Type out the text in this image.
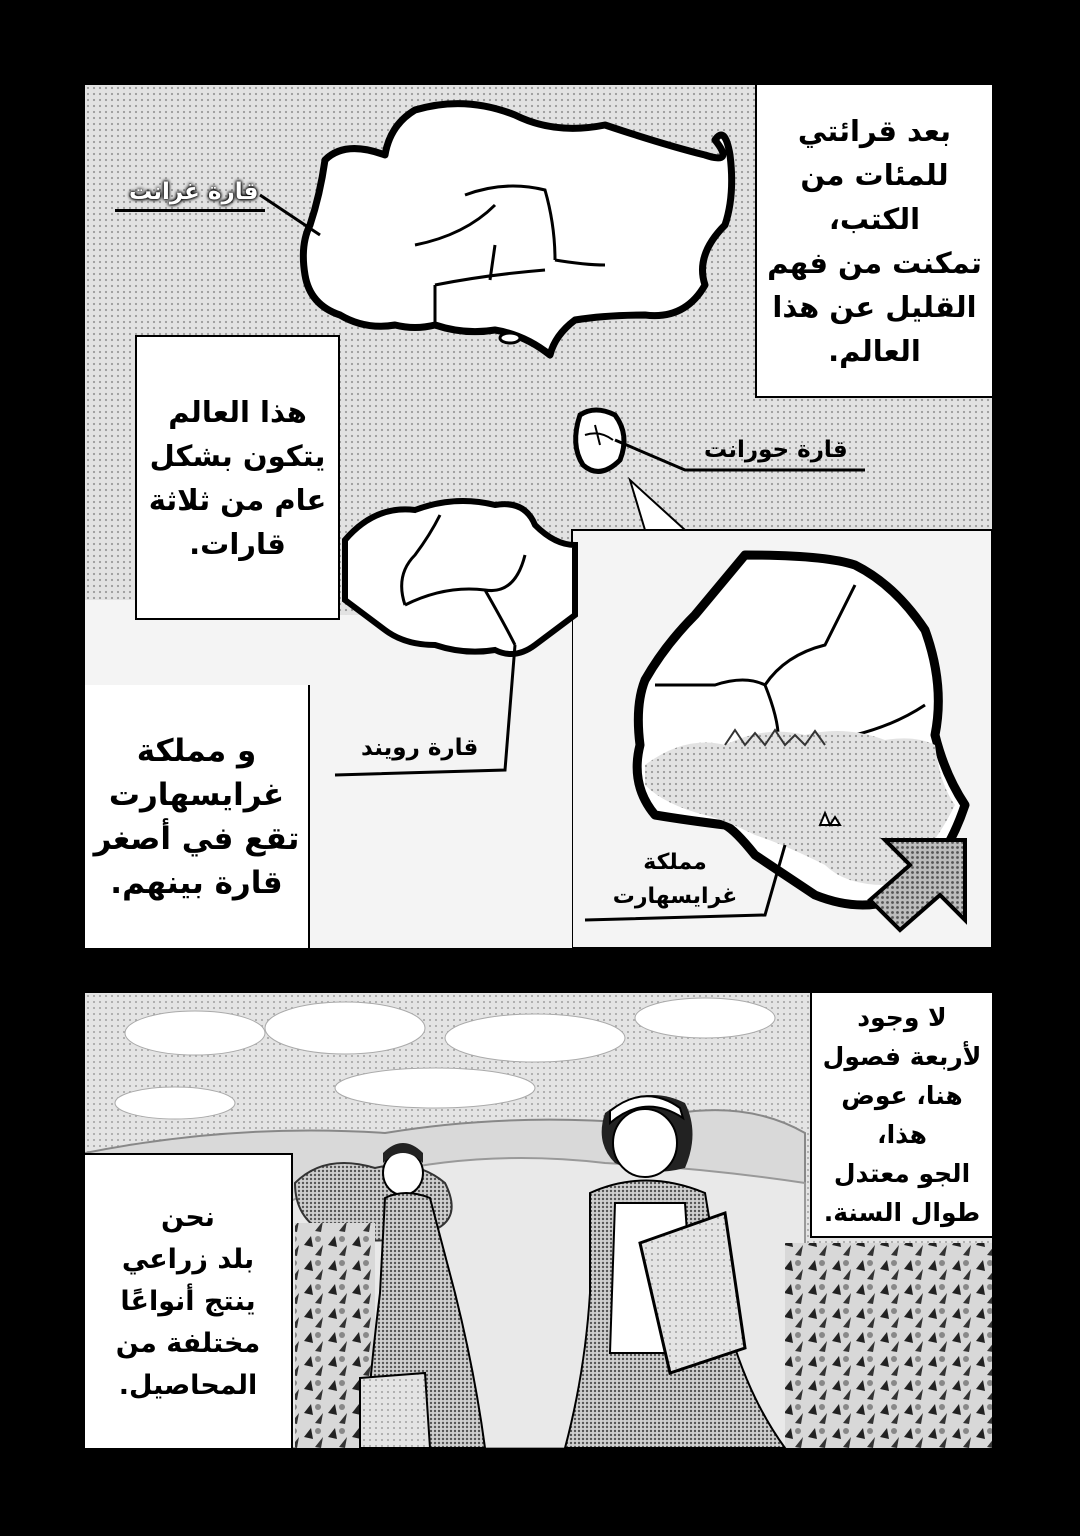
بعد قرائتي
للمئات من الكتب،
تمكنت من فهم
القليل عن هذا
العالم.
هذا العالم
يتكون بشكل
عام من ثلاثة
قارات.
و مملكة
غرايسهارت
تقع في أصغر
قارة بينهم.
قارة غرانت
قارة حورانت
قارة رويند
مملكة
غرايسهارت
لا وجود
لأربعة فصول
هنا، عوض هذا،
الجو معتدل
طوال السنة.
نحن
بلد زراعي
ينتج أنواعًا
مختلفة من
المحاصيل.
